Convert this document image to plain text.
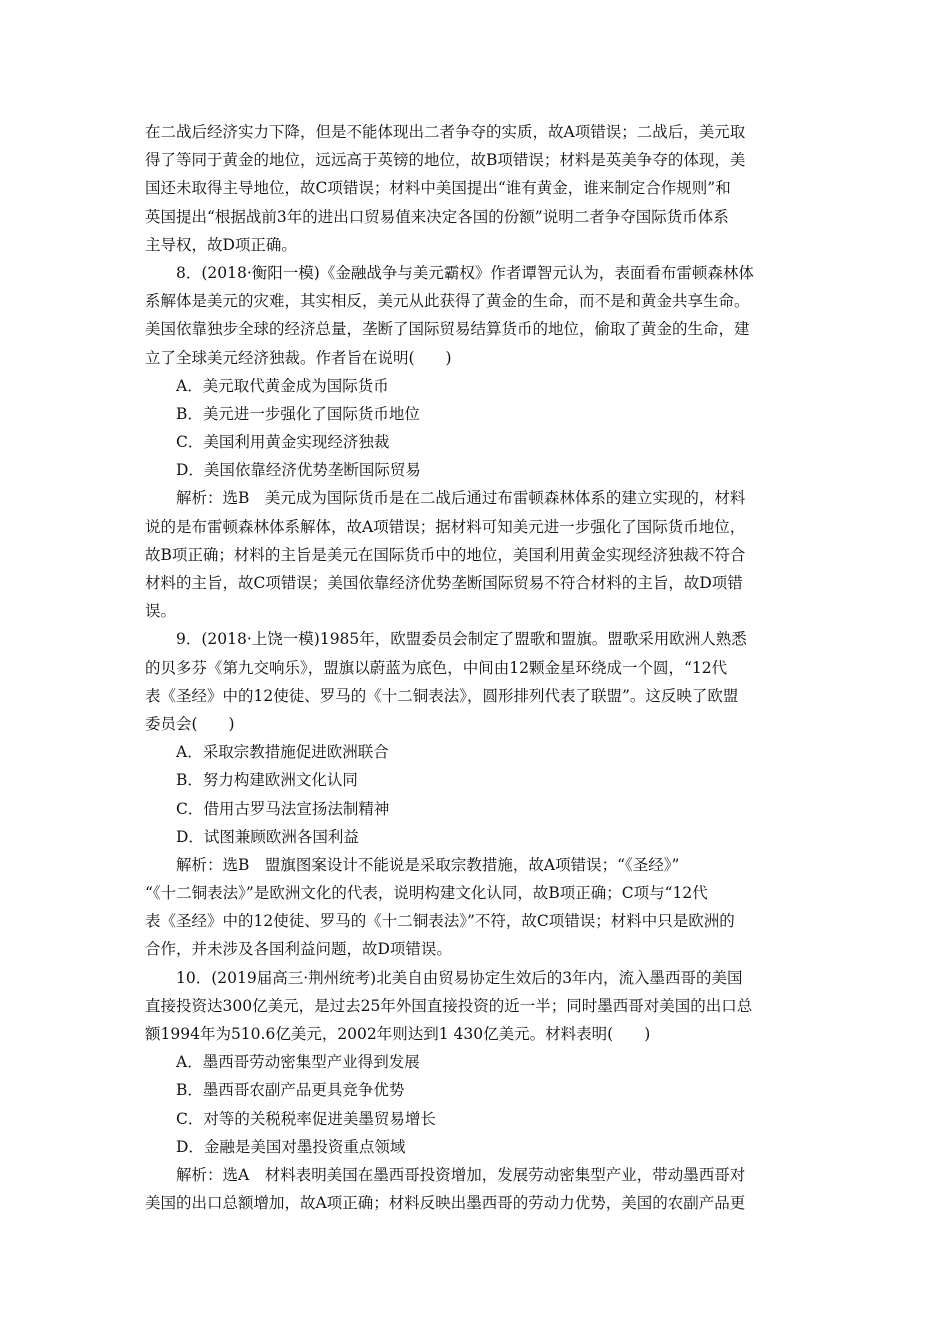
在二战后经济实力下降，但是不能体现出二者争夺的实质，故A项错误；二战后，美元取
得了等同于黄金的地位，远远高于英镑的地位，故B项错误；材料是英美争夺的体现，美
国还未取得主导地位，故C项错误；材料中美国提出“谁有黄金，谁来制定合作规则”和
英国提出“根据战前3年的进出口贸易值来决定各国的份额”说明二者争夺国际货币体系
主导权，故D项正确。
8．(2018·衡阳一模)《金融战争与美元霸权》作者谭智元认为，表面看布雷顿森林体
系解体是美元的灾难，其实相反，美元从此获得了黄金的生命，而不是和黄金共享生命。
美国依靠独步全球的经济总量，垄断了国际贸易结算货币的地位，偷取了黄金的生命，建
立了全球美元经济独裁。作者旨在说明(　　)
A．美元取代黄金成为国际货币
B．美元进一步强化了国际货币地位
C．美国利用黄金实现经济独裁
D．美国依靠经济优势垄断国际贸易
解析：选B　美元成为国际货币是在二战后通过布雷顿森林体系的建立实现的，材料
说的是布雷顿森林体系解体，故A项错误；据材料可知美元进一步强化了国际货币地位，
故B项正确；材料的主旨是美元在国际货币中的地位，美国利用黄金实现经济独裁不符合
材料的主旨，故C项错误；美国依靠经济优势垄断国际贸易不符合材料的主旨，故D项错
误。
9．(2018·上饶一模)1985年，欧盟委员会制定了盟歌和盟旗。盟歌采用欧洲人熟悉
的贝多芬《第九交响乐》，盟旗以蔚蓝为底色，中间由12颗金星环绕成一个圆，“12代
表《圣经》中的12使徒、罗马的《十二铜表法》，圆形排列代表了联盟”。这反映了欧盟
委员会(　　)
A．采取宗教措施促进欧洲联合
B．努力构建欧洲文化认同
C．借用古罗马法宣扬法制精神
D．试图兼顾欧洲各国利益
解析：选B　盟旗图案设计不能说是采取宗教措施，故A项错误；“《圣经》”
“《十二铜表法》”是欧洲文化的代表，说明构建文化认同，故B项正确；C项与“12代
表《圣经》中的12使徒、罗马的《十二铜表法》”不符，故C项错误；材料中只是欧洲的
合作，并未涉及各国利益问题，故D项错误。
10．(2019届高三·荆州统考)北美自由贸易协定生效后的3年内，流入墨西哥的美国
直接投资达300亿美元，是过去25年外国直接投资的近一半；同时墨西哥对美国的出口总
额1994年为510.6亿美元，2002年则达到1 430亿美元。材料表明(　　)
A．墨西哥劳动密集型产业得到发展
B．墨西哥农副产品更具竞争优势
C．对等的关税税率促进美墨贸易增长
D．金融是美国对墨投资重点领域
解析：选A　材料表明美国在墨西哥投资增加，发展劳动密集型产业，带动墨西哥对
美国的出口总额增加，故A项正确；材料反映出墨西哥的劳动力优势，美国的农副产品更
